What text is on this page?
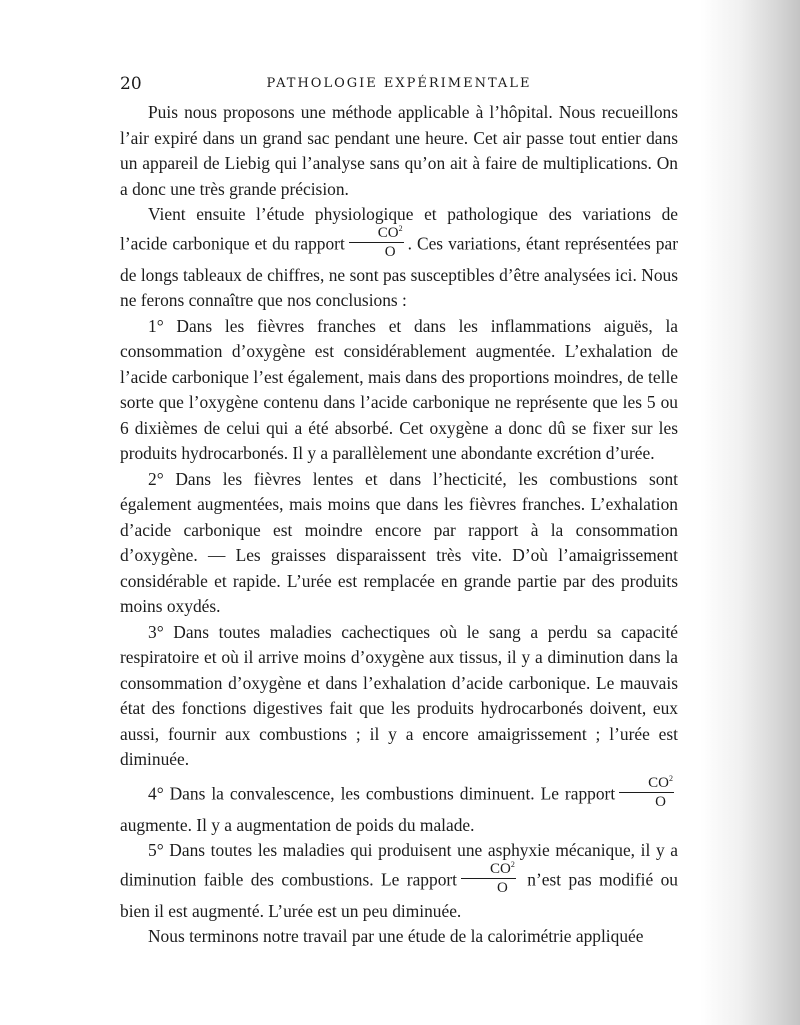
20	PATHOLOGIE EXPÉRIMENTALE

Puis nous proposons une méthode applicable à l’hôpital. Nous recueillons l’air expiré dans un grand sac pendant une heure. Cet air passe tout entier dans un appareil de Liebig qui l’analyse sans qu’on ait à faire de multiplications. On a donc une très grande précision.

Vient ensuite l’étude physiologique et pathologique des variations de l’acide carbonique et du rapport $\frac{CO^2}{O}$ . Ces variations, étant représentées par de longs tableaux de chiffres, ne sont pas susceptibles d’être analysées ici. Nous ne ferons connaître que nos conclusions :

1° Dans les fièvres franches et dans les inflammations aiguës, la consommation d’oxygène est considérablement augmentée. L’exhalation de l’acide carbonique l’est également, mais dans des proportions moindres, de telle sorte que l’oxygène contenu dans l’acide carbonique ne représente que les 5 ou 6 dixièmes de celui qui a été absorbé. Cet oxygène a donc dû se fixer sur les produits hydrocarbonés. Il y a parallèlement une abondante excrétion d’urée.

2° Dans les fièvres lentes et dans l’hecticité, les combustions sont également augmentées, mais moins que dans les fièvres franches. L’exhalation d’acide carbonique est moindre encore par rapport à la consommation d’oxygène. — Les graisses disparaissent très vite. D’où l’amaigrissement considérable et rapide. L’urée est remplacée en grande partie par des produits moins oxydés.

3° Dans toutes maladies cachectiques où le sang a perdu sa capacité respiratoire et où il arrive moins d’oxygène aux tissus, il y a diminution dans la consommation d’oxygène et dans l’exhalation d’acide carbonique. Le mauvais état des fonctions digestives fait que les produits hydrocarbonés doivent, eux aussi, fournir aux combustions ; il y a encore amaigrissement ; l’urée est diminuée.

4° Dans la convalescence, les combustions diminuent. Le rapport $\frac{CO^2}{O}$
augmente. Il y a augmentation de poids du malade.

5° Dans toutes les maladies qui produisent une asphyxie mécanique, il y a diminution faible des combustions. Le rapport $\frac{CO^2}{O}$ n’est pas modifié ou bien il est augmenté. L’urée est un peu diminuée.

Nous terminons notre travail par une étude de la calorimétrie appliquée
